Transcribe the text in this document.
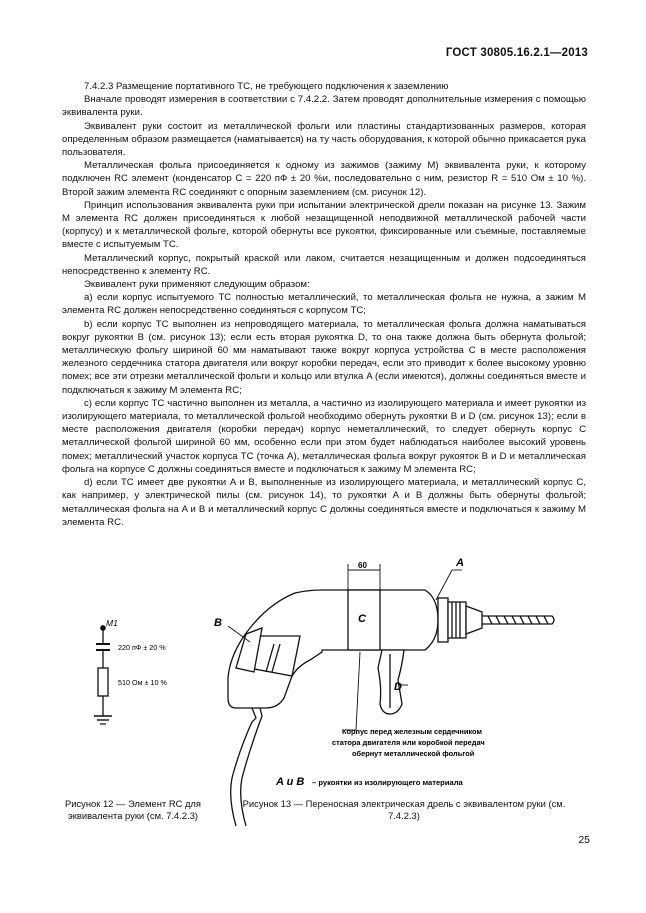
ГОСТ 30805.16.2.1—2013

7.4.2.3 Размещение портативного ТС, не требующего подключения к заземлению

Вначале проводят измерения в соответствии с 7.4.2.2. Затем проводят дополнительные измерения с помощью эквивалента руки.

Эквивалент руки состоит из металлической фольги или пластины стандартизованных размеров, которая определенным образом размещается (наматывается) на ту часть оборудования, к которой обычно прикасается рука пользователя.

Металлическая фольга присоединяется к одному из зажимов (зажиму M) эквивалента руки, к которому подключен RC элемент (конденсатор C = 220 пФ ± 20 %и, последовательно с ним, резистор R = 510 Ом ± 10 %). Второй зажим элемента RC соединяют с опорным заземлением (см. рисунок 12).

Принцип использования эквивалента руки при испытании электрической дрели показан на рисунке 13. Зажим M элемента RC должен присоединяться к любой незащищенной неподвижной металлической рабочей части (корпусу) и к металлической фольге, которой обернуты все рукоятки, фиксированные или съемные, поставляемые вместе с испытуемым ТС.

Металлический корпус, покрытый краской или лаком, считается незащищенным и должен подсоединяться непосредственно к элементу RC.

Эквивалент руки применяют следующим образом:

a) если корпус испытуемого ТС полностью металлический, то металлическая фольга не нужна, а зажим M элемента RC должен непосредственно соединяться с корпусом ТС;

b) если корпус ТС выполнен из непроводящего материала, то металлическая фольга должна наматываться вокруг рукоятки B (см. рисунок 13); если есть вторая рукоятка D, то она также должна быть обернута фольгой; металлическую фольгу шириной 60 мм наматывают также вокруг корпуса устройства C в месте расположения железного сердечника статора двигателя или вокруг коробки передач, если это приводит к более высокому уровню помех; все эти отрезки металлической фольги и кольцо или втулка A (если имеются), должны соединяться вместе и подключаться к зажиму M элемента RC;

c) если корпус ТС частично выполнен из металла, а частично из изолирующего материала и имеет рукоятки из изолирующего материала, то металлической фольгой необходимо обернуть рукоятки B и D (см. рисунок 13); если в месте расположения двигателя (коробки передач) корпус неметаллический, то следует обернуть корпус C металлической фольгой шириной 60 мм, особенно если при этом будет наблюдаться наиболее высокий уровень помех; металлический участок корпуса ТС (точка A), металлическая фольга вокруг рукояток B и D и металлическая фольга на корпусе C должны соединяться вместе и подключаться к зажиму M элемента RC;

d) если ТС имеет две рукоятки A и B, выполненные из изолирующего материала, и металлический корпус C, как например, у электрической пилы (см. рисунок 14), то рукоятки A и B должны быть обернуты фольгой; металлическая фольга на A и B и металлический корпус C должны соединяться вместе и подключаться к зажиму M элемента RC.

M1
220 пФ ± 20 %
510 Ом ± 10 %
60	A
B	C
D
Корпус перед железным сердечником
статора двигателя или коробкой передач
обернут металлической фольгой
A и B – рукоятки из изолирующего материала
Рисунок 12 — Элемент RC для эквивалента руки (см. 7.4.2.3)
Рисунок 13 — Переносная электрическая дрель с эквивалентом руки (см. 7.4.2.3)
25
